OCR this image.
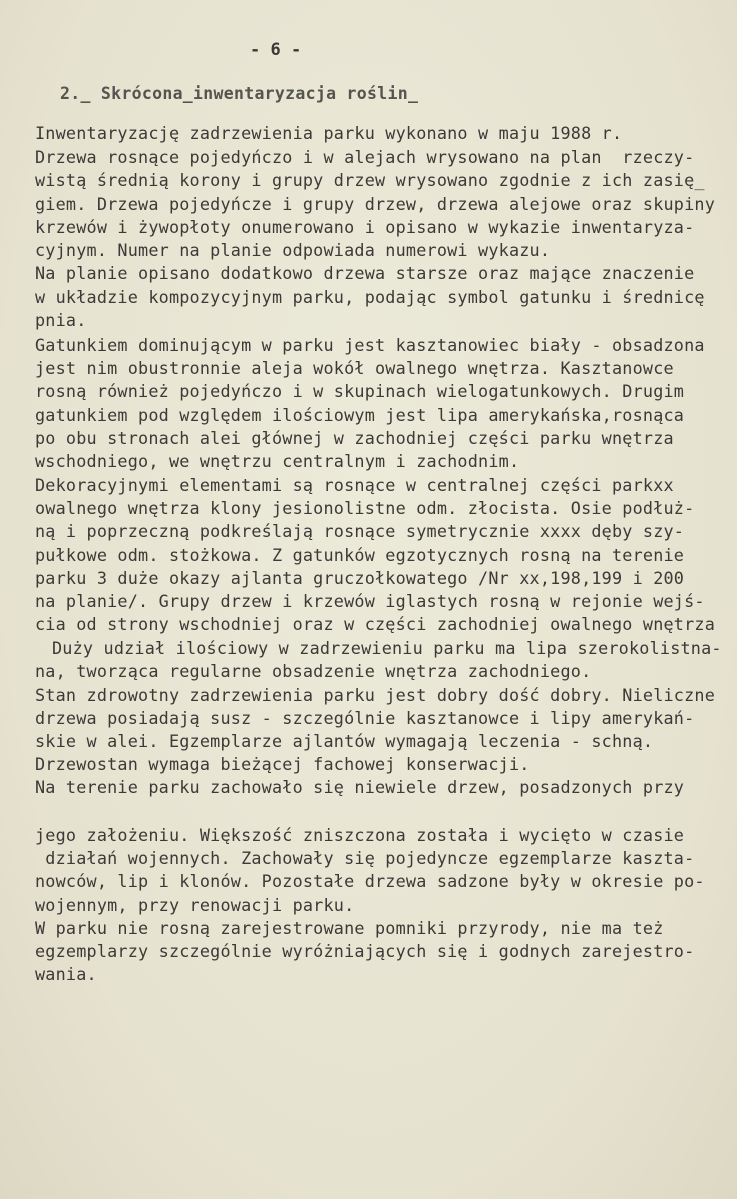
- 6 -
2._ Skrócona_inwentaryzacja roślin_
Inwentaryzację zadrzewienia parku wykonano w maju 1988 r.
Drzewa rosnące pojedyńczo i w alejach wrysowano na plan  rzeczy-
wistą średnią korony i grupy drzew wrysowano zgodnie z ich zasię_
giem. Drzewa pojedyńcze i grupy drzew, drzewa alejowe oraz skupiny
krzewów i żywopłoty onumerowano i opisano w wykazie inwentaryza-
cyjnym. Numer na planie odpowiada numerowi wykazu.
Na planie opisano dodatkowo drzewa starsze oraz mające znaczenie
w układzie kompozycyjnym parku, podając symbol gatunku i średnicę
pnia.
Gatunkiem dominującym w parku jest kasztanowiec biały - obsadzona
jest nim obustronnie aleja wokół owalnego wnętrza. Kasztanowce
rosną również pojedyńczo i w skupinach wielogatunkowych. Drugim
gatunkiem pod względem ilościowym jest lipa amerykańska,rosnąca
po obu stronach alei głównej w zachodniej części parku wnętrza
wschodniego, we wnętrzu centralnym i zachodnim.
Dekoracyjnymi elementami są rosnące w centralnej części parkxx
owalnego wnętrza klony jesionolistne odm. złocista. Osie podłuż-
ną i poprzeczną podkreślają rosnące symetrycznie xxxx dęby szy-
pułkowe odm. stożkowa. Z gatunków egzotycznych rosną na terenie
parku 3 duże okazy ajlanta gruczołkowatego /Nr xx,198,199 i 200
na planie/. Grupy drzew i krzewów iglastych rosną w rejonie wejś-
cia od strony wschodniej oraz w części zachodniej owalnego wnętrza
Duży udział ilościowy w zadrzewieniu parku ma lipa szerokolistna-
na, tworząca regularne obsadzenie wnętrza zachodniego.
Stan zdrowotny zadrzewienia parku jest dobry dość dobry. Nieliczne
drzewa posiadają susz - szczególnie kasztanowce i lipy amerykań-
skie w alei. Egzemplarze ajlantów wymagają leczenia - schną.
Drzewostan wymaga bieżącej fachowej konserwacji.
Na terenie parku zachowało się niewiele drzew, posadzonych przy
jego założeniu. Większość zniszczona została i wycięto w czasie
działań wojennych. Zachowały się pojedyncze egzemplarze kaszta-
nowców, lip i klonów. Pozostałe drzewa sadzone były w okresie po-
wojennym, przy renowacji parku.
W parku nie rosną zarejestrowane pomniki przyrody, nie ma też
egzemplarzy szczególnie wyróżniających się i godnych zarejestro-
wania.
